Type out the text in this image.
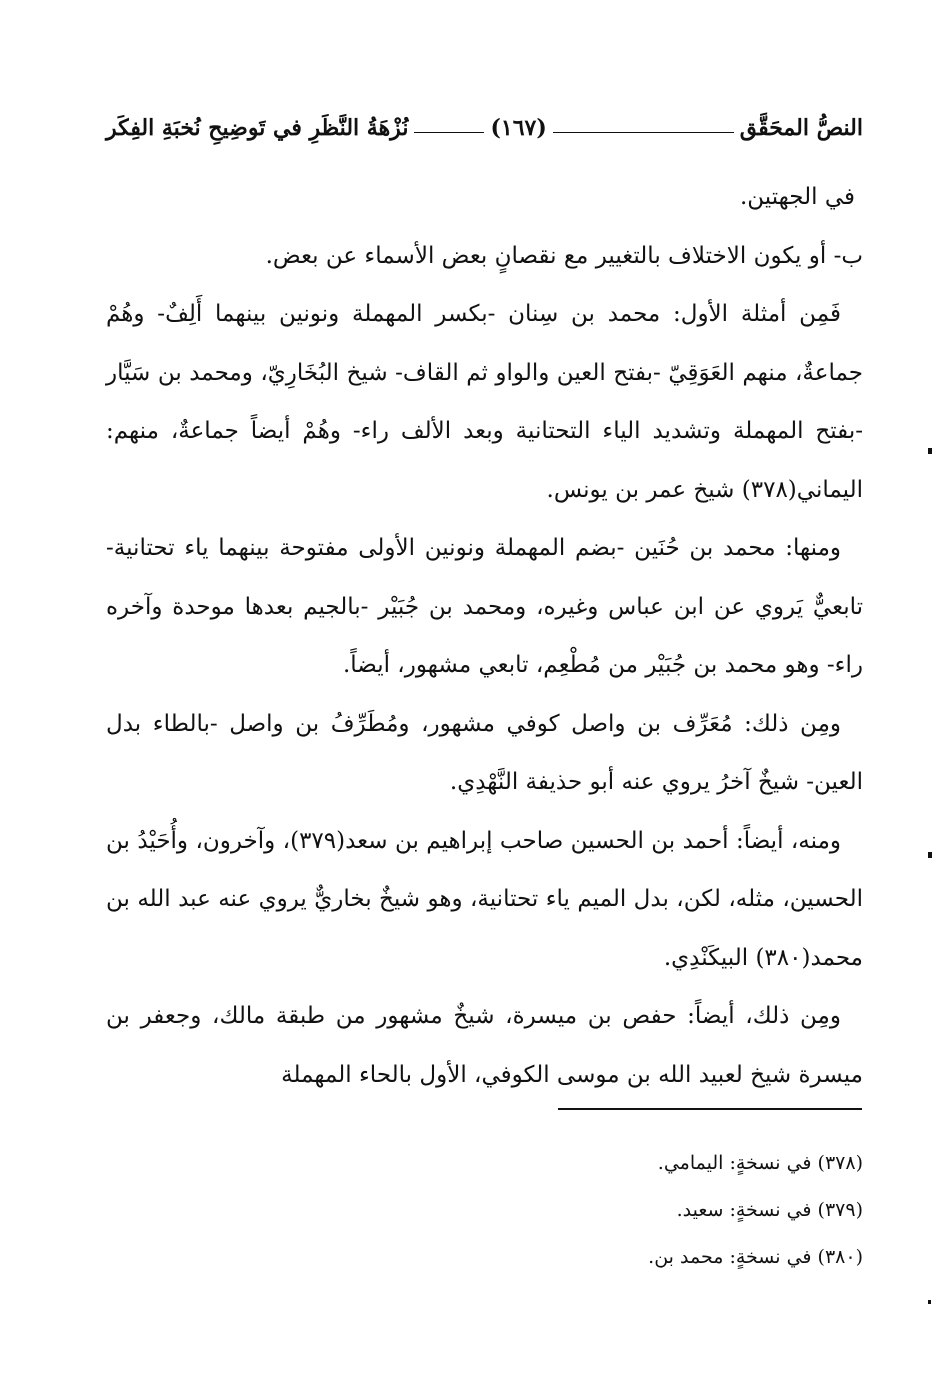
النصُّ المحَقَّق
(١٦٧)
نُزْهَةُ النَّظَرِ في تَوضِيحِ نُخبَةِ الفِكَر

في الجهتين.

ب- أو يكون الاختلاف بالتغيير مع نقصانٍ بعض الأسماء عن بعض.

فَمِن أمثلة الأول: محمد بن سِنان -بكسر المهملة ونونين بينهما أَلِفٌ- وهُمْ جماعةٌ، منهم العَوَقِيّ -بفتح العين والواو ثم القاف- شيخ البُخَارِيّ، ومحمد بن سَيَّار -بفتح المهملة وتشديد الياء التحتانية وبعد الألف راء- وهُمْ أيضاً جماعةٌ، منهم: اليماني(٣٧٨) شيخ عمر بن يونس.

ومنها: محمد بن حُنَين -بضم المهملة ونونين الأولى مفتوحة بينهما ياء تحتانية- تابعيٌّ يَروي عن ابن عباس وغيره، ومحمد بن جُبَيْر -بالجيم بعدها موحدة وآخره راء- وهو محمد بن جُبَيْر من مُطْعِم، تابعي مشهور، أيضاً.

ومِن ذلك: مُعَرِّف بن واصل كوفي مشهور، ومُطَرِّفُ بن واصل -بالطاء بدل العين- شيخٌ آخرُ يروي عنه أبو حذيفة النَّهْدِي.

ومنه، أيضاً: أحمد بن الحسين صاحب إبراهيم بن سعد(٣٧٩)، وآخرون، وأُحَيْدُ بن الحسين، مثله، لكن، بدل الميم ياء تحتانية، وهو شيخٌ بخاريٌّ يروي عنه عبد الله بن محمد(٣٨٠) البيكَنْدِي.

ومِن ذلك، أيضاً: حفص بن ميسرة، شيخٌ مشهور من طبقة مالك، وجعفر بن ميسرة شيخ لعبيد الله بن موسى الكوفي، الأول بالحاء المهملة

(٣٧٨) في نسخةٍ: اليمامي.

(٣٧٩) في نسخةٍ: سعيد.

(٣٨٠) في نسخةٍ: محمد بن.
